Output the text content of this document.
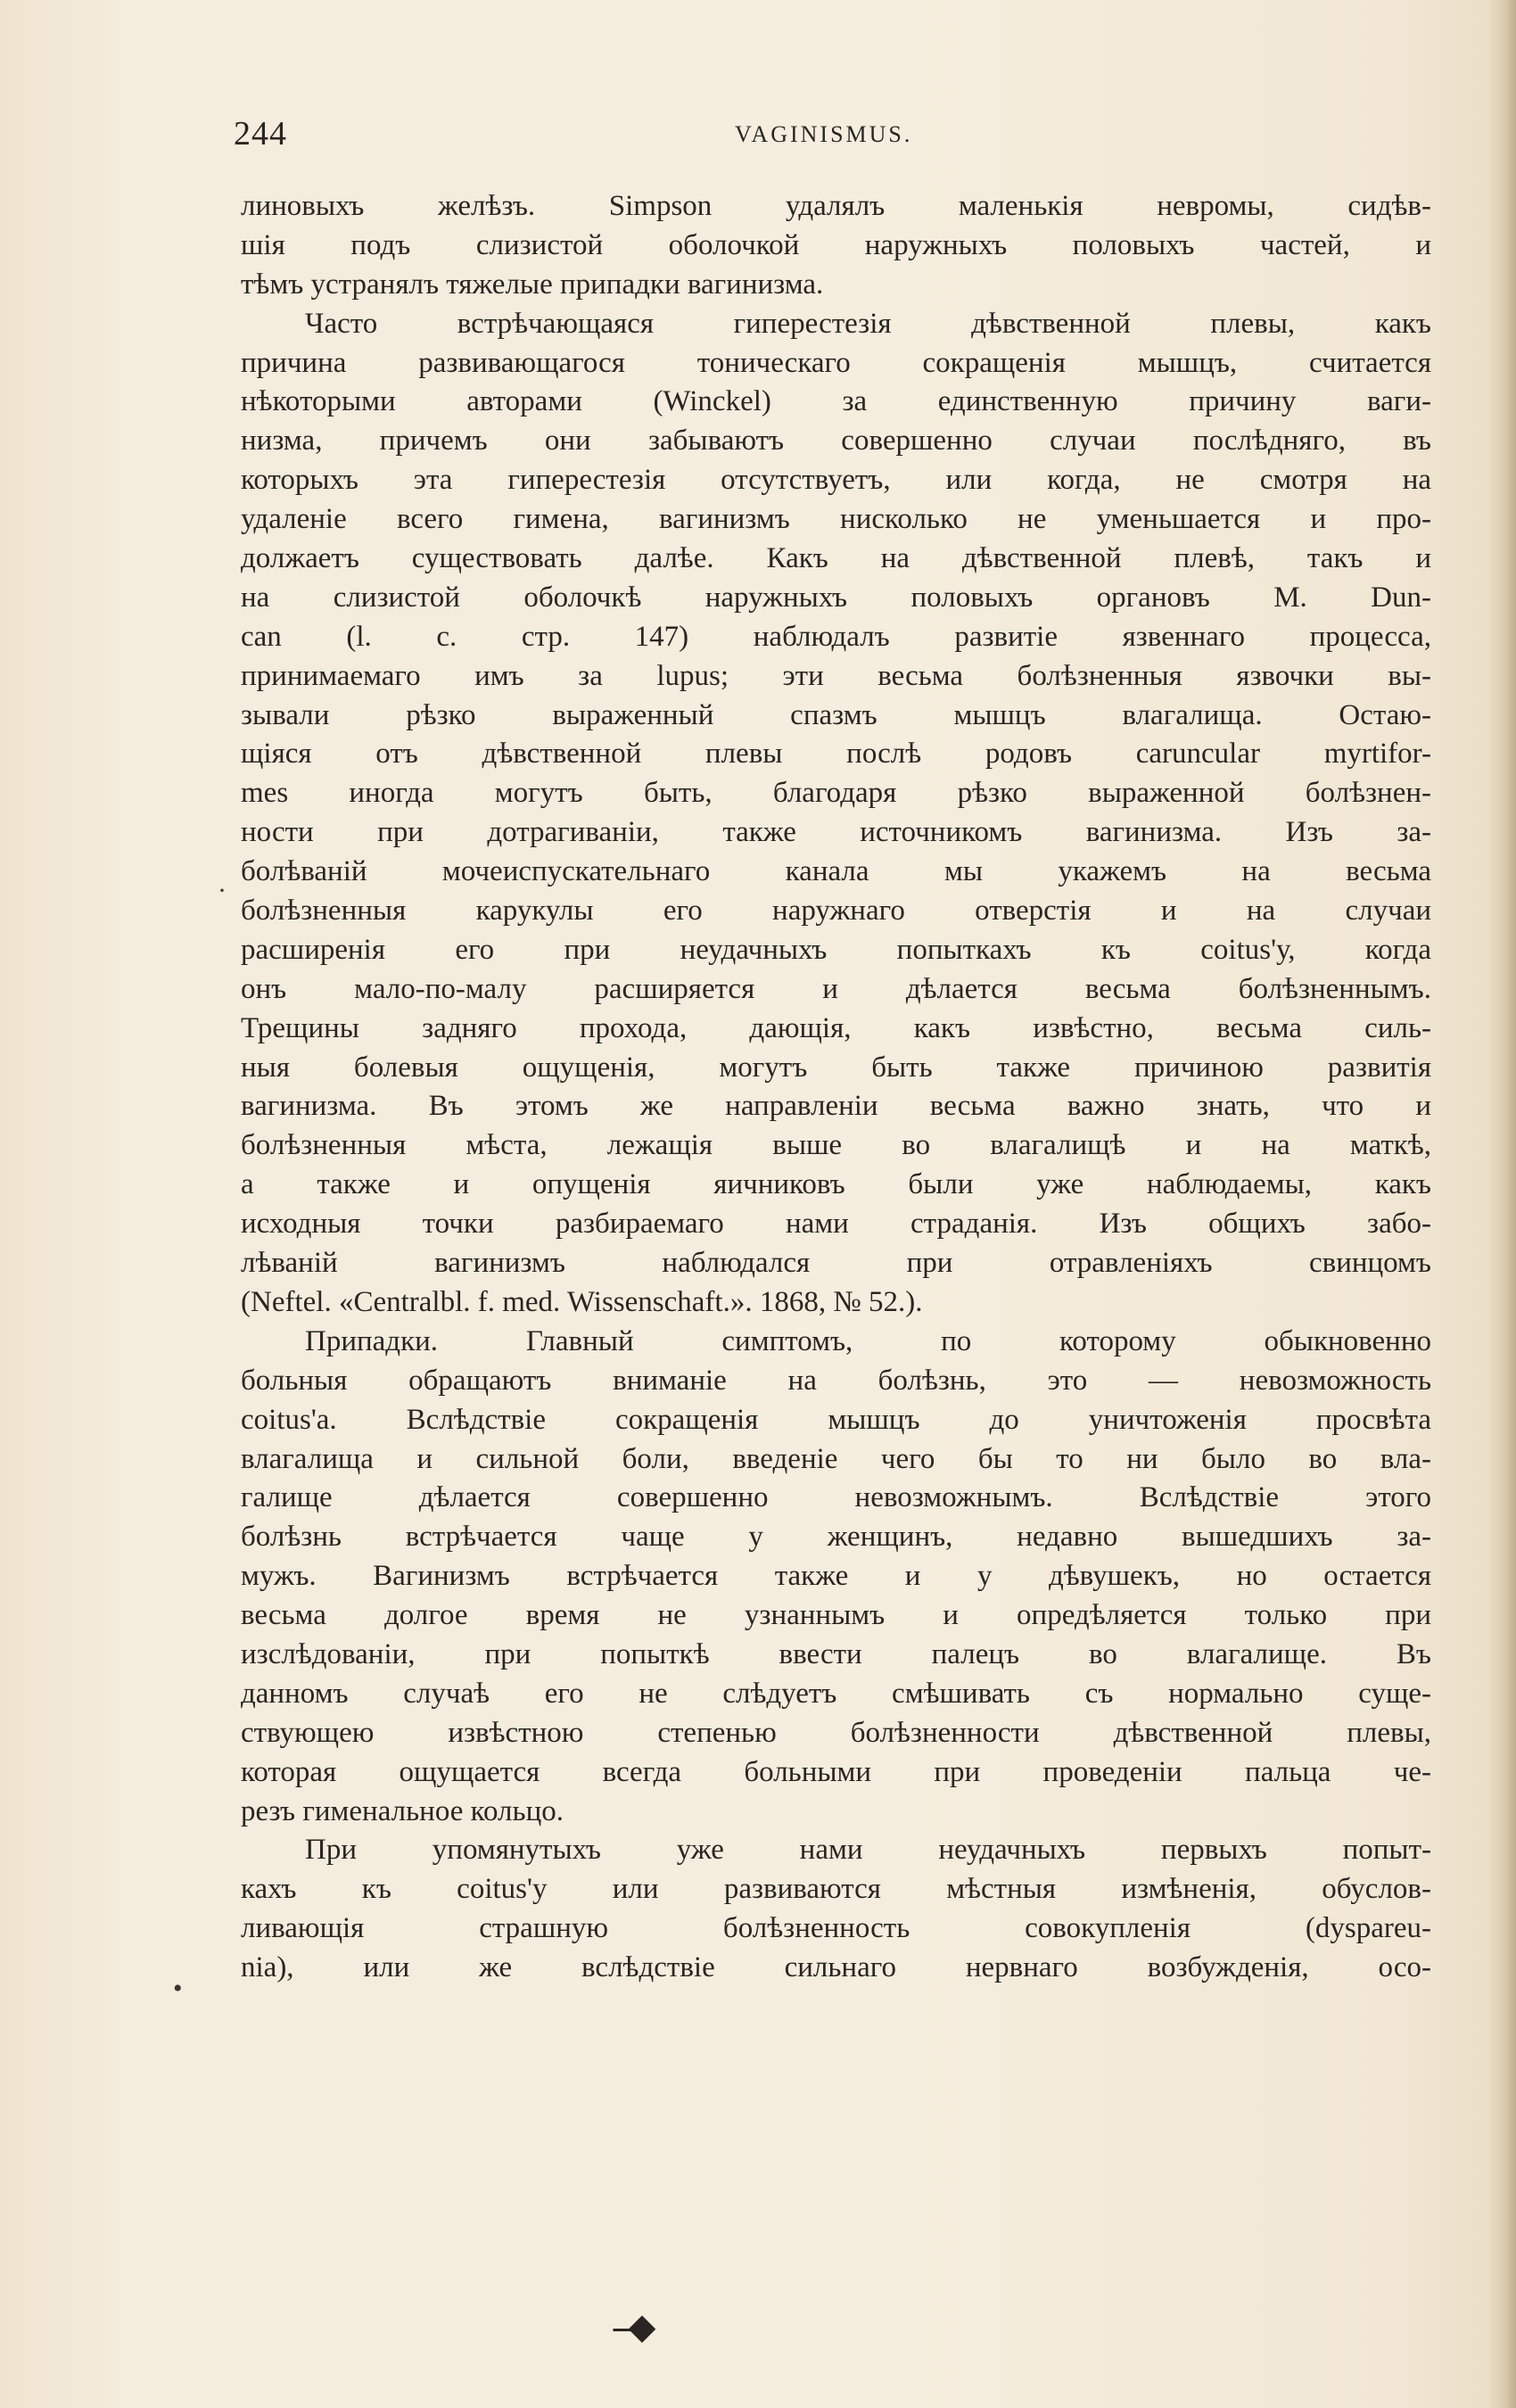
244	VAGINISMUS.
линовыхъ желѣзъ. Simpson удалялъ маленькія невромы, сидѣв-
шія подъ слизистой оболочкой наружныхъ половыхъ частей, и
тѣмъ устранялъ тяжелые припадки вагинизма.
Часто встрѣчающаяся гиперестезія дѣвственной плевы, какъ
причина развивающагося тоническаго сокращенія мышцъ, считается
нѣкоторыми авторами (Winckel) за единственную причину ваги-
низма, причемъ они забываютъ совершенно случаи послѣдняго, въ
которыхъ эта гиперестезія отсутствуетъ, или когда, не смотря на
удаленіе всего гимена, вагинизмъ нисколько не уменьшается и про-
должаетъ существовать далѣе. Какъ на дѣвственной плевѣ, такъ и
на слизистой оболочкѣ наружныхъ половыхъ органовъ M. Dun-
can (l. c. стр. 147) наблюдалъ развитіе язвеннаго процесса,
принимаемаго имъ за lupus; эти весьма болѣзненныя язвочки вы-
зывали рѣзко выраженный спазмъ мышцъ влагалища. Остаю-
щіяся отъ дѣвственной плевы послѣ родовъ caruncular myrtifor-
mes иногда могутъ быть, благодаря рѣзко выраженной болѣзнен-
ности при дотрагиваніи, также источникомъ вагинизма. Изъ за-
болѣваній мочеиспускательнаго канала мы укажемъ на весьма
болѣзненныя карукулы его наружнаго отверстія и на случаи
расширенія его при неудачныхъ попыткахъ къ coitus'у, когда
онъ мало-по-малу расширяется и дѣлается весьма болѣзненнымъ.
Трещины задняго прохода, дающія, какъ извѣстно, весьма силь-
ныя болевыя ощущенія, могутъ быть также причиною развитія
вагинизма. Въ этомъ же направленіи весьма важно знать, что и
болѣзненныя мѣста, лежащія выше во влагалищѣ и на маткѣ,
а также и опущенія яичниковъ были уже наблюдаемы, какъ
исходныя точки разбираемаго нами страданія. Изъ общихъ забо-
лѣваній вагинизмъ наблюдался при отравленіяхъ свинцомъ
(Neftel. «Centralbl. f. med. Wissenschaft.». 1868, № 52.).
Припадки. Главный симптомъ, по которому обыкновенно
больныя обращаютъ вниманіе на болѣзнь, это — невозможность
coitus'a. Вслѣдствіе сокращенія мышцъ до уничтоженія просвѣта
влагалища и сильной боли, введеніе чего бы то ни было во вла-
галище дѣлается совершенно невозможнымъ. Вслѣдствіе этого
болѣзнь встрѣчается чаще у женщинъ, недавно вышедшихъ за-
мужъ. Вагинизмъ встрѣчается также и у дѣвушекъ, но остается
весьма долгое время не узнаннымъ и опредѣляется только при
изслѣдованіи, при попыткѣ ввести палецъ во влагалище. Въ
данномъ случаѣ его не слѣдуетъ смѣшивать съ нормально суще-
ствующею извѣстною степенью болѣзненности дѣвственной плевы,
которая ощущается всегда больными при проведеніи пальца че-
резъ гименальное кольцо.
При упомянутыхъ уже нами неудачныхъ первыхъ попыт-
кахъ къ coitus'у или развиваются мѣстныя измѣненія, обуслов-
ливающія страшную болѣзненность совокупленія (dyspareu-
nia), или же вслѣдствіе сильнаго нервнаго возбужденія, осо-
·
•
‐‐◆
